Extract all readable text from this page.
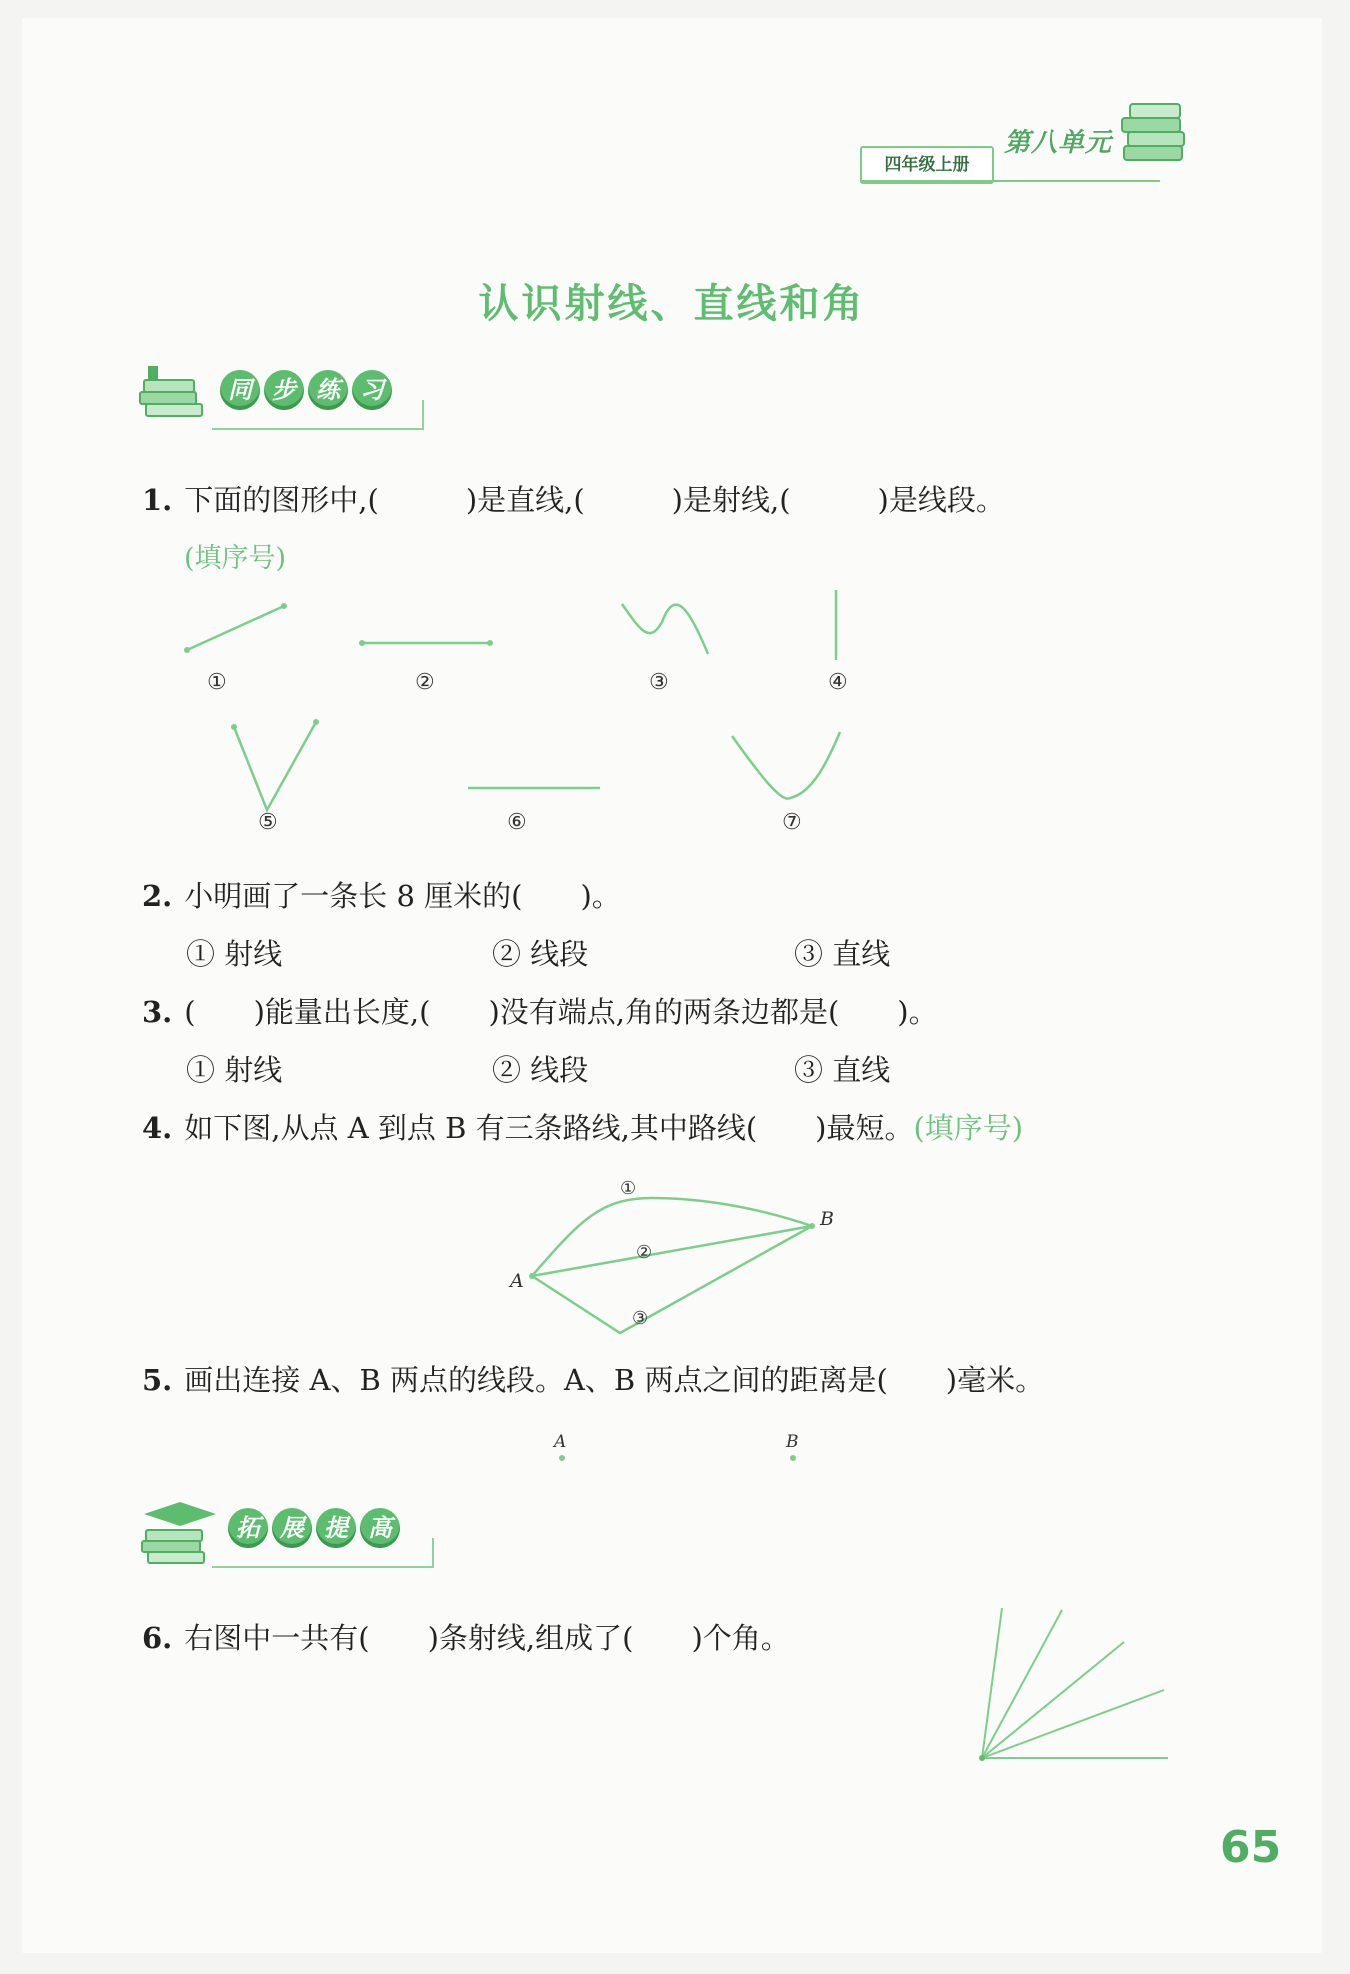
四年级上册
第八单元
认识射线、直线和角
同 步 练 习
1. 下面的图形中,(　　　)是直线,(　　　)是射线,(　　　)是线段。
(填序号)
①	②	③	④
⑤	⑥	⑦
2. 小明画了一条长 8 厘米的(　　)。
① 射线	② 线段	③ 直线
3. (　　)能量出长度,(　　)没有端点,角的两条边都是(　　)。
① 射线	② 线段	③ 直线
4. 如下图,从点 A 到点 B 有三条路线,其中路线(　　)最短。(填序号)
A
B
①
②
③
5. 画出连接 A、B 两点的线段。A、B 两点之间的距离是(　　)毫米。
A	B
拓 展 提 高
6. 右图中一共有(　　)条射线,组成了(　　)个角。
65
